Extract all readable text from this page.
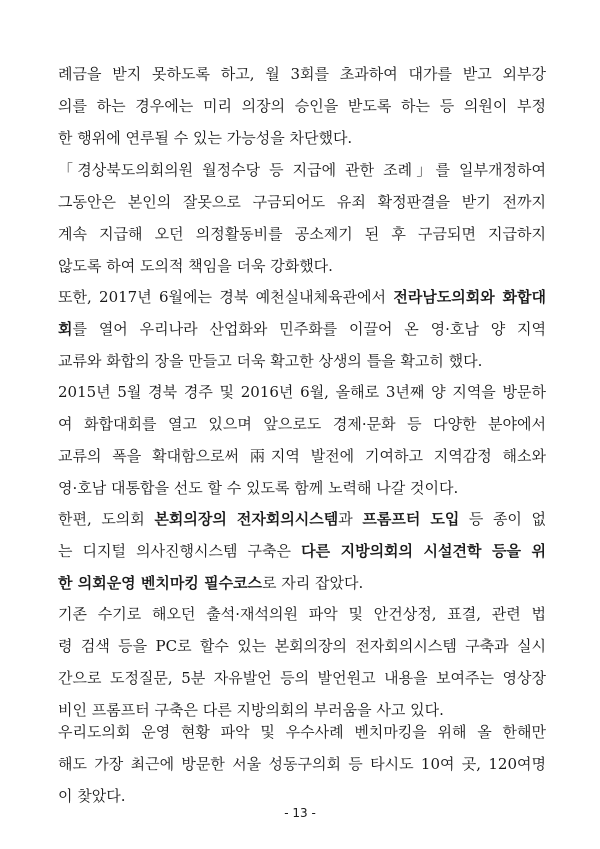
례금을 받지 못하도록 하고, 월 3회를 초과하여 대가를 받고 외부강
의를 하는 경우에는 미리 의장의 승인을 받도록 하는 등 의원이 부정
한 행위에 연루될 수 있는 가능성을 차단했다.
「경상북도의회의원 월정수당 등 지급에 관한 조례」를 일부개정하여
그동안은 본인의 잘못으로 구금되어도 유죄 확정판결을 받기 전까지
계속 지급해 오던 의정활동비를 공소제기 된 후 구금되면 지급하지
않도록 하여 도의적 책임을 더욱 강화했다.
또한, 2017년 6월에는 경북 예천실내체육관에서 전라남도의회와 화합대
회를 열어 우리나라 산업화와 민주화를 이끌어 온 영·호남 양 지역
교류와 화합의 장을 만들고 더욱 확고한 상생의 틀을 확고히 했다.
2015년 5월 경북 경주 및 2016년 6월, 올해로 3년째 양 지역을 방문하
여 화합대회를 열고 있으며 앞으로도 경제·문화 등 다양한 분야에서
교류의 폭을 확대함으로써 兩지역 발전에 기여하고 지역감정 해소와
영·호남 대통합을 선도 할 수 있도록 함께 노력해 나갈 것이다.
한편, 도의회 본회의장의 전자회의시스템과 프롬프터 도입 등 종이 없
는 디지털 의사진행시스템 구축은 다른 지방의회의 시설견학 등을 위
한 의회운영 벤치마킹 필수코스로 자리 잡았다.
기존 수기로 해오던 출석·재석의원 파악 및 안건상정, 표결, 관련 법
령 검색 등을 PC로 할수 있는 본회의장의 전자회의시스템 구축과 실시
간으로 도정질문, 5분 자유발언 등의 발언원고 내용을 보여주는 영상장
비인 프롬프터 구축은 다른 지방의회의 부러움을 사고 있다.
우리도의회 운영 현황 파악 및 우수사례 벤치마킹을 위해 올 한해만
해도 가장 최근에 방문한 서울 성동구의회 등 타시도 10여 곳, 120여명
이 찾았다.
- 13 -
